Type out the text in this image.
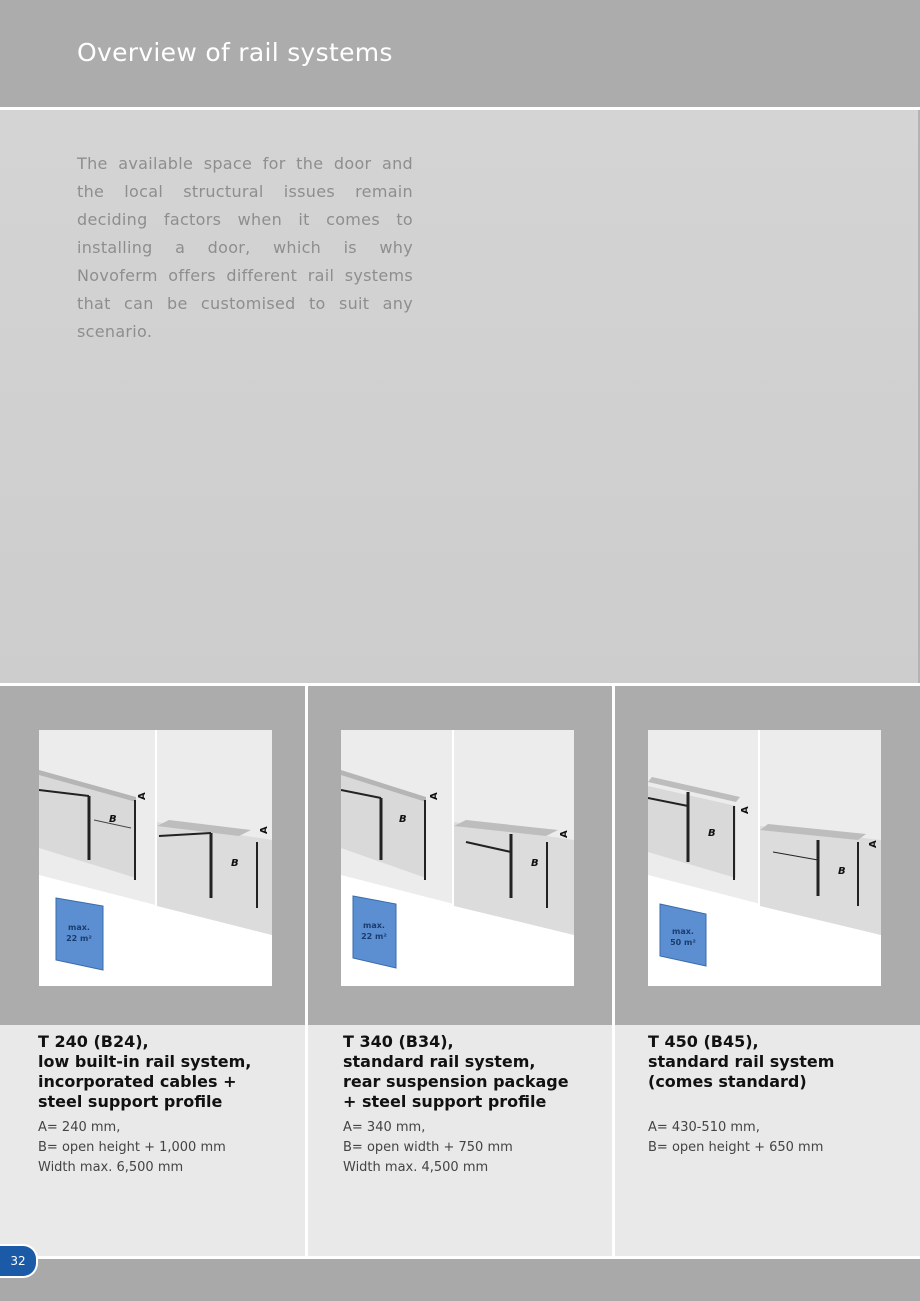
Overview of rail systems

The available space for the door and the local structural issues remain deciding factors when it comes to installing a door, which is why Novoferm offers different rail systems that can be customised to suit any scenario.

B
A
B
A
max.
22 m²
B
A
B
A
max.
22 m²
B
A
B
A
max.
50 m²
T 240 (B24),
low built-in rail system,
incorporated cables +
steel support profile
T 340 (B34),
standard rail system,
rear suspension package
+ steel support profile
T 450 (B45),
standard rail system
(comes standard)
A= 240 mm,
B= open height + 1,000 mm
Width max. 6,500 mm
A= 340 mm,
B= open width + 750 mm
Width max. 4,500 mm
A= 430-510 mm,
B= open height + 650 mm
32
